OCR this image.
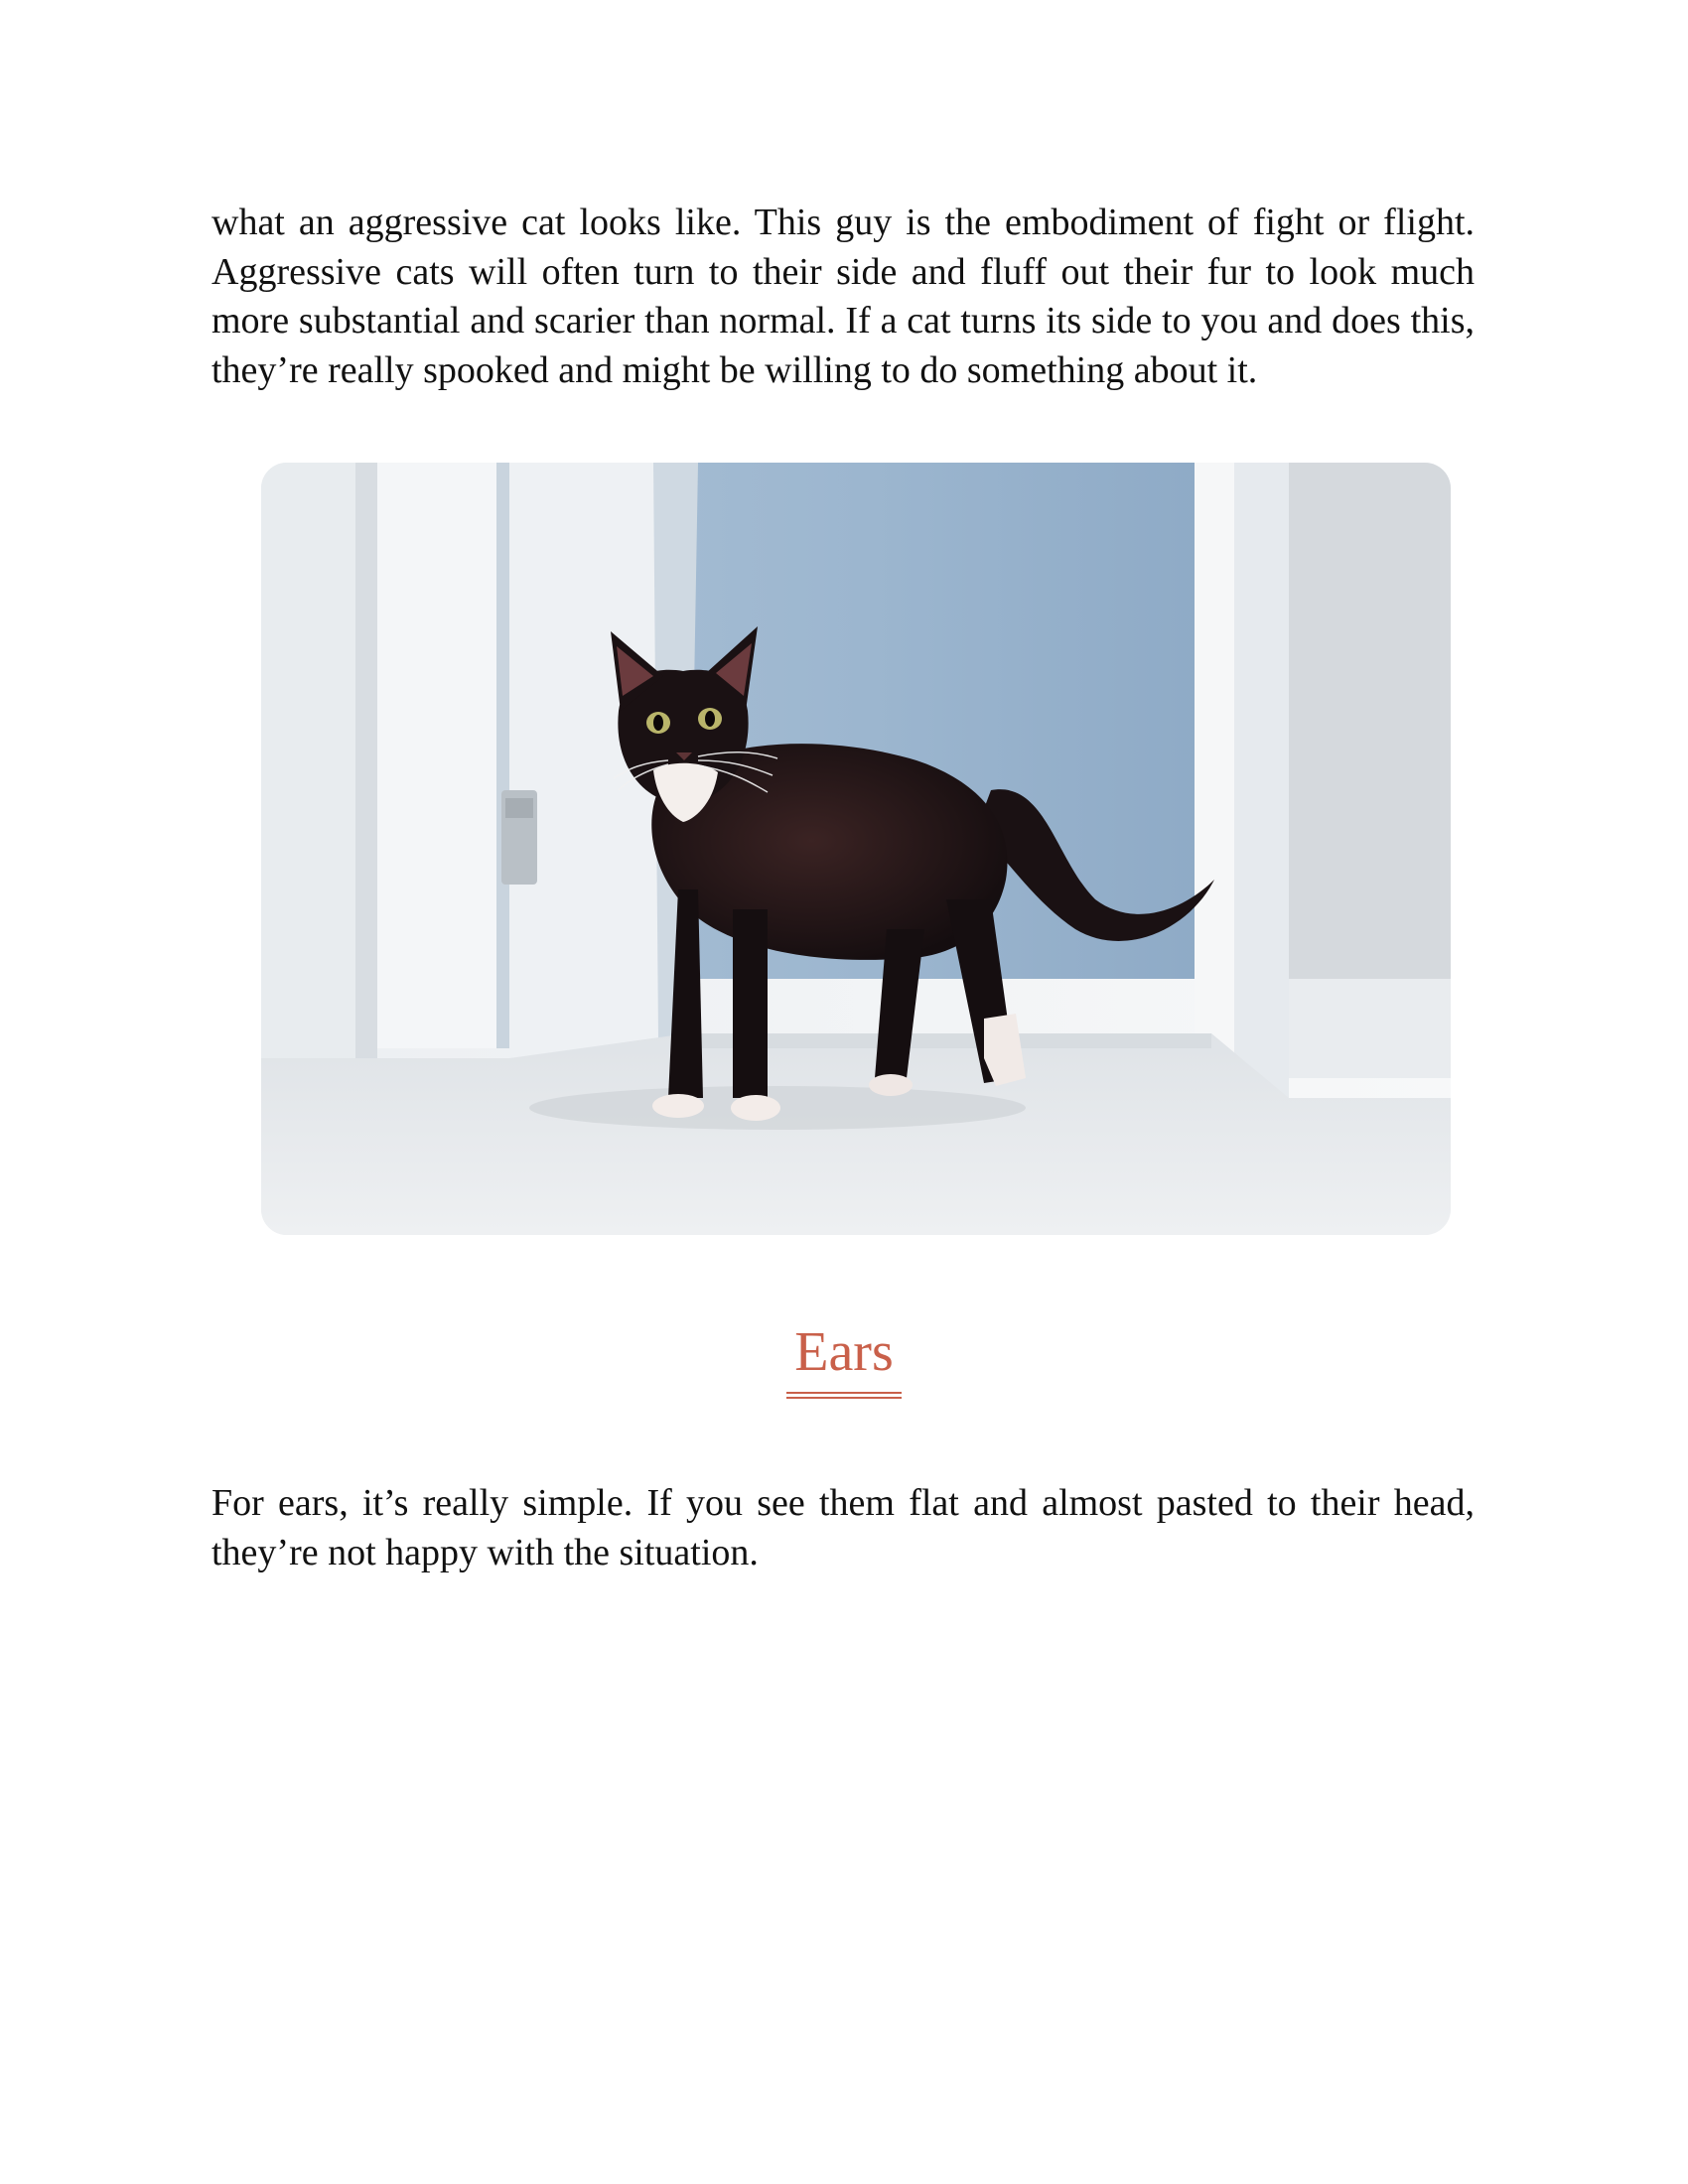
what an aggressive cat looks like. This guy is the embodiment of fight or flight. Aggressive cats will often turn to their side and fluff out their fur to look much more substantial and scarier than normal. If a cat turns its side to you and does this, they’re really spooked and might be willing to do something about it.

Ears

For ears, it’s really simple. If you see them flat and almost pasted to their head, they’re not happy with the situation.
